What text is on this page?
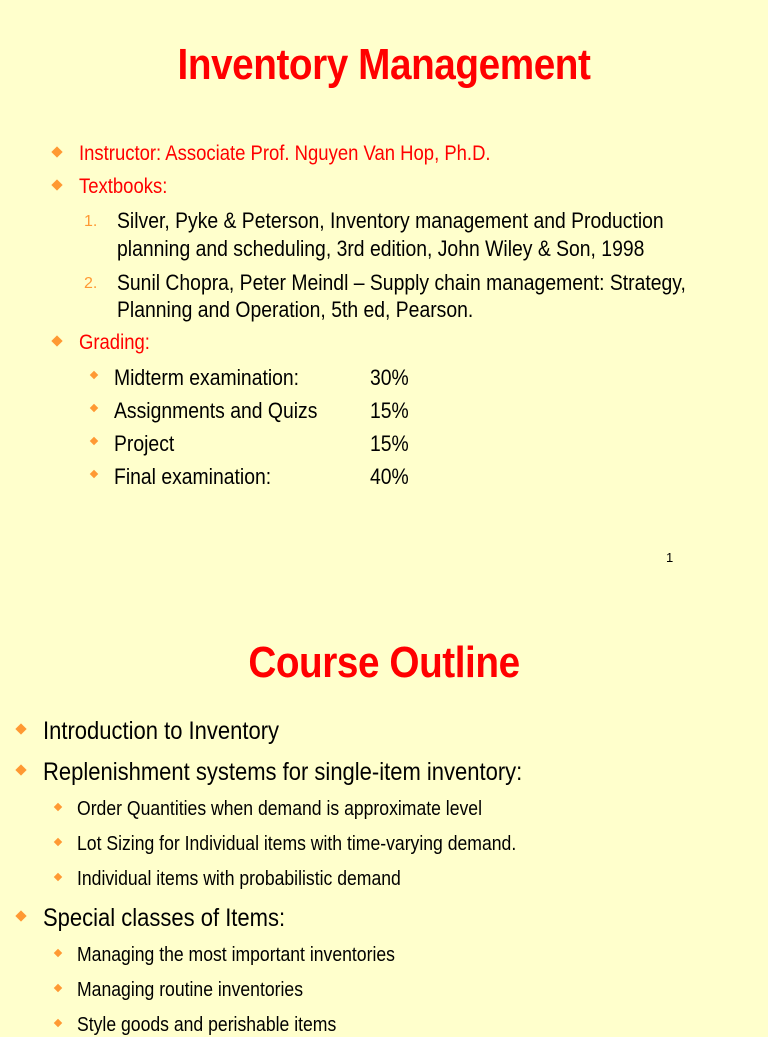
Inventory Management
Instructor: Associate Prof. Nguyen Van Hop, Ph.D.
Textbooks:
1. Silver, Pyke & Peterson, Inventory management and Production
planning and scheduling, 3rd edition, John Wiley & Son, 1998
2. Sunil Chopra, Peter Meindl – Supply chain management: Strategy,
Planning and Operation, 5th ed, Pearson.
Grading:
Midterm examination:	30%
Assignments and Quizs	15%
Project	15%
Final examination:	40%
1
Course Outline
Introduction to Inventory
Replenishment systems for single-item inventory:
Order Quantities when demand is approximate level
Lot Sizing for Individual items with time-varying demand.
Individual items with probabilistic demand
Special classes of Items:
Managing the most important inventories
Managing routine inventories
Style goods and perishable items
